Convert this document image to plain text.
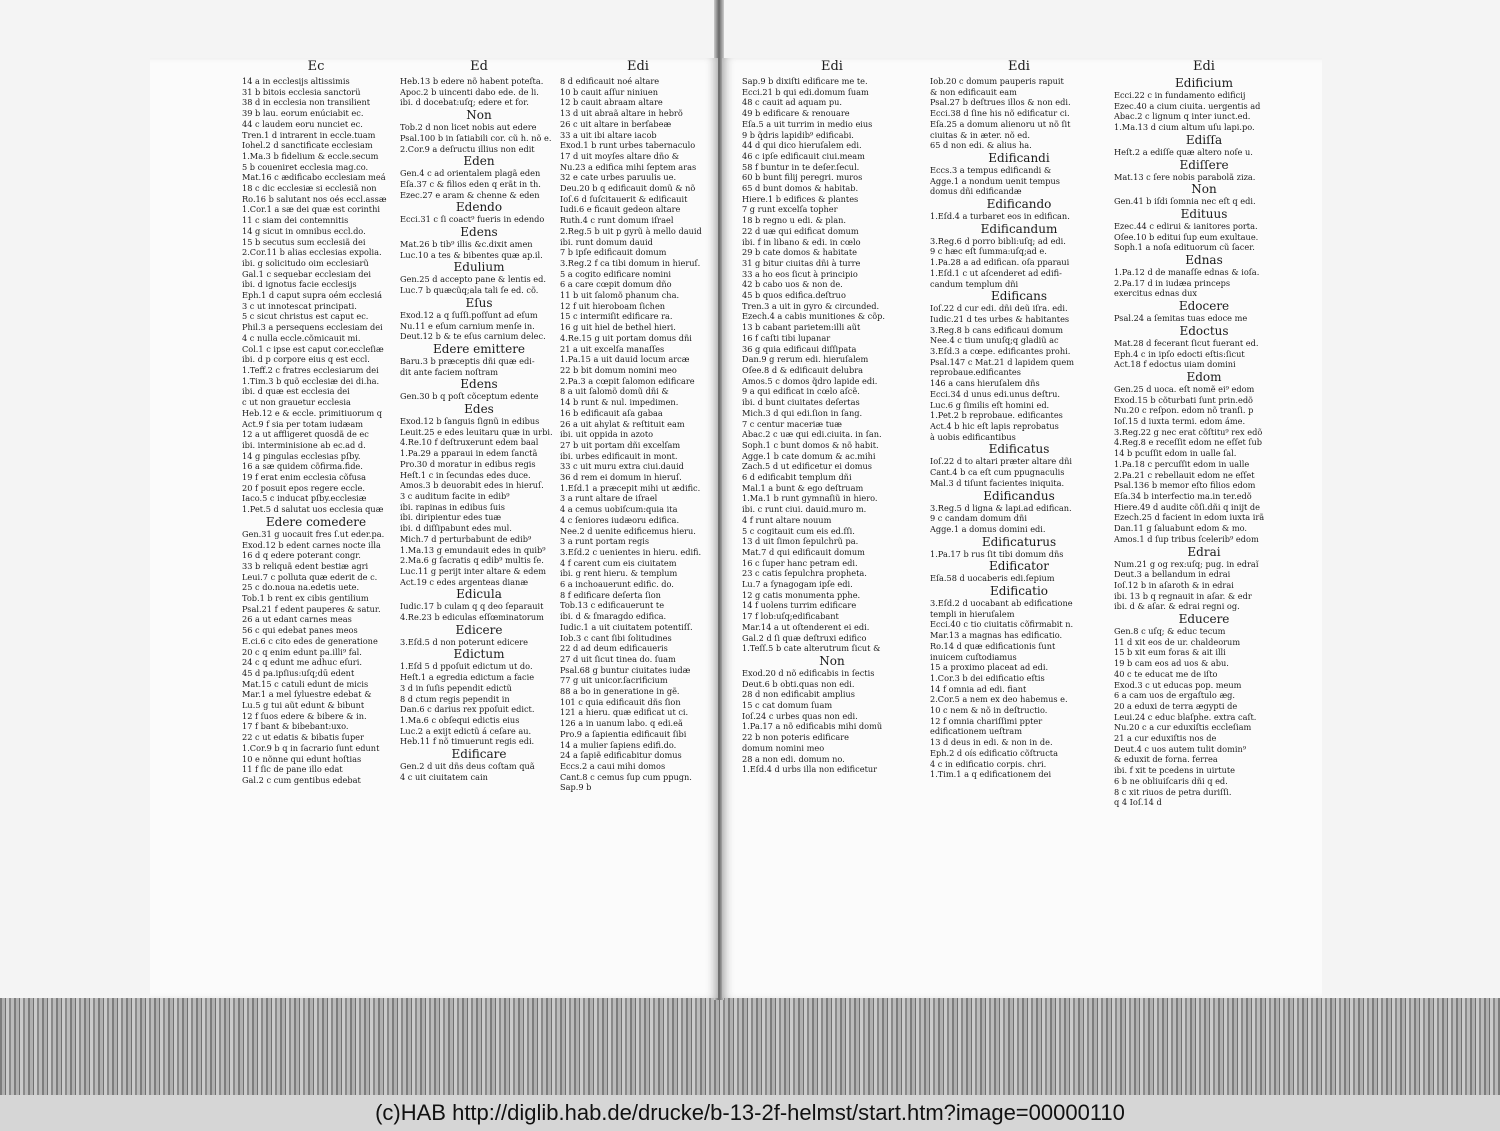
Ec
14 a in ecclesijs altissimis
31 b bitois ecclesia sanctorü
38 d in ecclesia non transilient
39 b lau. eorum enúciabit ec.
44 c laudem eoru nunciet ec.
Tren.1 d intrarent in eccle.tuam
Iohel.2 d sanctificate ecclesiam
1.Ma.3 b fidelium & eccle.secum
5 b coueniret ecclesia mag.co.
Mat.16 c ædificabo ecclesiam meá
18 c dic ecclesiæ si ecclesiã non
Ro.16 b salutant nos oés eccl.assæ
1.Cor.1 a sæ dei quæ est corinthi
11 c siam dei contemnitis
14 g sicut in omnibus eccl.do.
15 b secutus sum ecclesiã dei
2.Cor.11 b alias ecclesias expolia.
ibi. g solicitudo oim ecclesiarũ
Gal.1 c sequebar ecclesiam dei
ibi. d ignotus facie ecclesijs
Eph.1 d caput supra oém ecclesiá
3 c ut innotescat principati.
5 c sicut christus est caput ec.
Phil.3 a persequens ecclesiam dei
4 c nulla eccle.cõmicauit mi.
Col.1 c ipse est caput cor.eccleſiæ
ibi. d p corpore eius q est eccl.
1.Teff.2 c fratres ecclesiarum dei
1.Tim.3 b quõ ecclesiæ dei di.ha.
ibi. d quæ est ecclesia dei
c ut non grauetur ecclesia
Heb.12 e & eccle. primitiuorum q
Act.9 f sia per totam iudæam
12 a ut affligeret quosdã de ec
ibi. interminisione ab ec.ad d.
14 g pingulas ecclesias pſby.
16 a sæ quidem cõfirma.fide.
19 f erat enim ecclesia cõfusa
20 f posuit epos regere eccle.
Iaco.5 c inducat pſby.ecclesiæ
1.Pet.5 d salutat uos ecclesia quæ

Edere comedere
Gen.31 g uocauit fres ſ.ut eder.pa.
Exod.12 b edent carnes nocte illa
16 d q edere poterant congr.
33 b reliquã edent bestiæ agri
Leui.7 c polluta quæ ederit de c.
25 c do.noua na.edetis uete.
Tob.1 b rent ex cibis gentilium
Psal.21 f edent pauperes & satur.
26 a ut edant carnes meas
56 c qui edebat panes meos
E.ci.6 c cito edes de generatione
20 c q enim edunt pa.illi⁹ fal.
24 c q edunt me adhuc eſuri.
45 d pa.ipſius:uſq;dū edent
Mat.15 c catuli edunt de micis
Mar.1 a mel ſyluestre edebat &
Lu.5 g tui aũt edunt & bibunt
12 f ſuos edere & bibere & in.
17 f bant & bibebant:uxo.
22 c ut edatis & bibatis ſuper
1.Cor.9 b q in ſacrario ſunt edunt
10 e nõnne qui edunt hoſtias
11 f ſic de pane illo edat
Gal.2 c cum gentibus edebat
Ed
Heb.13 b edere nõ habent poteſta.
Apoc.2 b uincenti dabo ede. de li.
ibi. d docebat:uſq; edere et for.
Non
Tob.2 d non licet nobis aut edere
Psal.100 b in ſatiabili cor. cũ h. nõ e.
2.Cor.9 a deſructu illius non edit
Eden
Gen.4 c ad orientalem plagã eden
Eſa.37 c & filios eden q erãt in th.
Ezec.27 e aram & chenne & eden
Edendo
Ecci.31 c ſi coact⁹ fueris in edendo
Edens
Mat.26 b tib⁹ illis &c.dixit amen
Luc.10 a tes & bibentes quæ ap.il.
Edulium
Gen.25 d accepto pane & lentis ed.
Luc.7 b quæcũq;ala tali ſe ed. cõ.
Eſus
Exod.12 a q ſuſſi.poſſunt ad eſum
Nu.11 e eſum carnium menſe in.
Deut.12 b & te eſus carnium delec.
Edere emittere
Baru.3 b præceptis dñi quæ edi-
dit ante faciem noſtram
Edens
Gen.30 b q poſt cõceptum edente
Edes
Exod.12 b ſanguis ſignũ in edibus
Leuit.25 e edes leuitaru quæ in urbi.
4.Re.10 f deſtruxerunt edem baal
1.Pa.29 a pparaui in edem ſanctã
Pro.30 d moratur in edibus regis
Heſt.1 c in ſecundas edes duce.
Amos.3 b deuorabit edes in hieruſ.
3 c auditum facite in edib⁹
ibi. rapinas in edibus ſuis
ibi. diripientur edes tuæ
ibi. d diſſipabunt edes mul.
Mich.7 d perturbabunt de edib⁹
1.Ma.13 g emundauit edes in quib⁹
2.Ma.6 g ſacratis q edib⁹ multis ſe.
Luc.11 g perijt inter altare & edem
Act.19 c edes argenteas dianæ
Edicula
Iudic.17 b culam q q deo ſeparauit
4.Re.23 b ediculas eſſœminatorum
Edicere
3.Eſd.5 d non poterunt edicere
Edictum
1.Eſd 5 d ppoſuit edictum ut do.
Heſt.1 a egredia edictum a facie
3 d in ſuſis pependit edictũ
8 d ctum regis pependit in
Dan.6 c darius rex ppoſuit edict.
1.Ma.6 c obſequi edictis eius
Luc.2 a exijt edictũ á ceſare au.
Heb.11 f nõ timuerunt regis edi.
Edificare
Gen.2 d uit dñs deus coſtam quã
4 c uit ciuitatem cain
Edi
8 d edificauit noé altare
10 b cauit aſſur niniuen
12 b cauit abraam altare
13 d uit abraã altare in hebrõ
26 c uit altare in berſabeæ
33 a uit ibi altare iacob
Exod.1 b runt urbes tabernaculo
17 d uit moyſes altare dño &
Nu.23 a edifica mihi ſeptem aras
32 e cate urbes paruulis ue.
Deu.20 b q edificauit domũ & nõ
Ioſ.6 d ſuſcitauerit & edificauit
Iudi.6 e ficauit gedeon altare
Ruth.4 c runt domum iſrael
2.Reg.5 b uit p gyrũ à mello dauid
ibi. runt domum dauid
7 b ipſe edificauit domum
3.Reg.2 f ca tibi domum in hieruſ.
5 a cogito edificare nomini
6 a care cœpit domum dño
11 b uit ſalomõ phanum cha.
12 f uit hieroboam ſichen
15 c intermiſit edificare ra.
16 g uit hiel de bethel hieri.
4.Re.15 g uit portam domus dñi
21 a uit excelſa manaſſes
1.Pa.15 a uit dauid locum arcæ
22 b bit domum nomini meo
2.Pa.3 a cœpit ſalomon edificare
8 a uit ſalomõ domũ dñi &
14 b runt & nul. impedimen.
16 b edificauit aſa gabaa
26 a uit ahylat & reſtituit eam
ibi. uit oppida in azoto
27 b uit portam dñi excelſam
ibi. urbes edificauit in mont.
33 c uit muru extra ciui.dauid
36 d rem ei domum in hieruſ.
1.Eſd.1 a præcepit mihi ut ædific.
3 a runt altare de iſrael
4 a cemus uobiſcum:quia ita
4 c ſeniores iudæoru edifica.
Nee.2 d uenite edificemus hieru.
3 a runt portam regis
3.Eſd.2 c uenientes in hieru. edifi.
4 f carent cum eis ciuitatem
ibi. g rent hieru. & templum
6 a inchoauerunt edific. do.
8 f edificare deſerta ſion
Tob.13 c edificauerunt te
ibi. d & ſmaragdo edifica.
Iudic.1 a uit ciuitatem potentiſſ.
Iob.3 c cant ſibi ſolitudines
22 d ad deum edificaueris
27 d uit ſicut tinea do. ſuam
Psal.68 g buntur ciuitates iudæ
77 g uit unicor.ſacrificium
88 a bo in generatione in gẽ.
101 c quia edificauit dñs ſion
121 a hieru. quæ edificat ut ci.
126 a in uanum labo. q edi.eã
Pro.9 a ſapientia edificauit ſibi
14 a mulier ſapiens edifi.do.
24 a ſapiẽ edificabitur domus
Eccs.2 a caui mihi domos
Cant.8 c cemus ſup cum ppugn.
Sap.9 b
Edi
Sap.9 b dixiſti edificare me te.
Ecci.21 b qui edi.domum ſuam
48 c cauit ad aquam pu.
49 b edificare & renouare
Eſa.5 a uit turrim in medio eius
9 b q̃dris lapidib⁹ edificabi.
44 d qui dico hieruſalem edi.
46 c ipſe edificauit ciui.meam
58 f buntur in te deſer.ſecul.
60 b bunt filij peregri. muros
65 d bunt domos & habitab.
Hiere.1 b edifices & plantes
7 g runt excelſa topher
18 b regno u edi. & plan.
22 d uæ qui edificat domum
ibi. f in libano & edi. in cœlo
29 b cate domos & habitate
31 g bitur ciuitas dñi à turre
33 a ho eos ſicut à principio
42 b cabo uos & non de.
45 b quos edifica.deſtruo
Tren.3 a uit in gyro & circunded.
Ezech.4 a cabis munitiones & cõp.
13 b cabant parietem:illi aũt
16 f caſti tibi lupanar
36 g quia edificaui diſſipata
Dan.9 g rerum edi. hieruſalem
Oſee.8 d & edificauit delubra
Amos.5 c domos q̃dro lapide edi.
9 a qui edificat in cœlo aſcẽ.
ibi. d bunt ciuitates deſertas
Mich.3 d qui edi.ſion in ſang.
7 c centur maceriæ tuæ
Abac.2 c uæ qui edi.ciuita. in ſan.
Soph.1 c bunt domos & nõ habit.
Agge.1 b cate domum & ac.mihi
Zach.5 d ut edificetur ei domus
6 d edificabit templum dñi
Mal.1 a bunt & ego deſtruam
1.Ma.1 b runt gymnaſiũ in hiero.
ibi. c runt ciui. dauid.muro m.
4 f runt altare nouum
5 c cogitauit cum eis ed.ſſi.
13 d uit ſimon ſepulchrũ pa.
Mat.7 d qui edificauit domum
16 c ſuper hanc petram edi.
23 c catis ſepulchra propheta.
Lu.7 a ſynagogam ipſe edi.
12 g catis monumenta pphe.
14 f uolens turrim edificare
17 f lob:uſq;edificabant
Mar.14 a ut oſtenderent ei edi.
Gal.2 d ſi quæ deſtruxi edifico
1.Teſſ.5 b cate alterutrum ſicut &
Non
Exod.20 d nõ edificabis in ſectis
Deut.6 b obti.quas non edi.
28 d non edificabit amplius
15 c cat domum ſuam
Ioſ.24 c urbes quas non edi.
1.Pa.17 a nõ edificabis mihi domũ
22 b non poteris edificare
domum nomini meo
28 a non edi. domum no.
1.Eſd.4 d urbs illa non edificetur
Edi
Iob.20 c domum pauperis rapuit
& non edificauit eam
Psal.27 b deſtrues illos & non edi.
Ecci.38 d ſine his nõ edificatur ci.
Eſa.25 a domum alienoru ut nõ ſit
ciuitas & in æter. nõ ed.
65 d non edi. & alius ha.
Edificandi
Eccs.3 a tempus edificandi &
Agge.1 a nondum uenit tempus
domus dñi edificandæ
Edificando
1.Eſd.4 a turbaret eos in edifican.
Edificandum
3.Reg.6 d porro bibli:uſq; ad edi.
9 c hæc eſt ſumma:uſq;ad e.
1.Pa.28 a ad edifican. oſa pparaui
1.Eſd.1 c ut aſcenderet ad edifi-
candum templum dñi
Edificans
Ioſ.22 d cur edi. dñi deũ iſra. edi.
Iudic.21 d tes urbes & habitantes
3.Reg.8 b cans edificaui domum
Nee.4 c tium unuſq;q gladiũ ac
3.Eſd.3 a cœpe. edificantes prohi.
Psal.147 c Mat.21 d lapidem quem
reprobaue.edificantes
146 a cans hieruſalem dñs
Ecci.34 d unus edi.unus deſtru.
Luc.6 g ſimilis eſt homini ed.
1.Pet.2 b reprobaue. edificantes
Act.4 b hic eſt lapis reprobatus
à uobis edificantibus
Edificatus
Ioſ.22 d to altari præter altare dñi
Cant.4 b ca eſt cum ppugnaculis
Mal.3 d tiſunt facientes iniquita.
Edificandus
3.Reg.5 d ligna & lapi.ad edifican.
9 c candam domum dñi
Agge.1 a domus domini edi.
Edificaturus
1.Pa.17 b rus ſit tibi domum dñs
Edificator
Eſa.58 d uocaberis edi.ſepium
Edificatio
3.Eſd.2 d uocabant ab edificatione
templi in hieruſalem
Ecci.40 c tio ciuitatis cõfirmabit n.
Mar.13 a magnas has edificatio.
Ro.14 d quæ edificationis ſunt
inuicem cuſtodiamus
15 a proximo placeat ad edi.
1.Cor.3 b dei edificatio eſtis
14 f omnia ad edi. fiant
2.Cor.5 a nem ex deo habemus e.
10 c nem & nõ in deſtructio.
12 f omnia chariſſimi ppter
edificationem ueſtram
13 d deus in edi. & non in de.
Eph.2 d oís edificatio cõſtructa
4 c in edificatio corpis. chri.
1.Tim.1 a q edificationem dei
Edi
Edificium
Ecci.22 c in fundamento edificij
Ezec.40 a cium ciuita. uergentis ad
Abac.2 c lignum q inter iunct.ed.
1.Ma.13 d cium altum uſu lapi.po.
Ediſſa
Heſt.2 a ediſſe quæ altero noſe u.
Ediſſere
Mat.13 c ſere nobis parabolã ziza.
Non
Gen.41 b iſdi ſomnia nec eſt q edi.
Edituus
Ezec.44 c edirui & ianitores porta.
Oſee.10 b editui ſup eum exultaue.
Soph.1 a noſa edituorum cũ ſacer.
Ednas
1.Pa.12 d de manaſſe ednas & ioſa.
2.Pa.17 d in iudæa princeps
exercitus ednas dux
Edocere
Psal.24 a ſemitas tuas edoce me
Edoctus
Mat.28 d fecerant ſicut fuerant ed.
Eph.4 c in ipſo edocti eſtis:ſicut
Act.18 f edoctus uiam domini
Edom
Gen.25 d uoca. eſt nomẽ ei⁹ edom
Exod.15 b cõturbati ſunt prin.edõ
Nu.20 c reſpon. edom nõ tranſi. p
Ioſ.15 d iuxta termi. edom áme.
3.Reg.22 g nec erat cõſtitu⁹ rex edõ
4.Reg.8 e receſſit edom ne eſſet ſub
14 b pcuſſit edom in ualle ſal.
1.Pa.18 c percuſſit edom in ualle
2.Pa.21 c rebellauit edom ne eſſet
Psal.136 b memor eſto filios edom
Eſa.34 b interfectio ma.in ter.edõ
Hiere.49 d audite cõſi.dñi q inijt de
Ezech.25 d facient in edom iuxta irã
Dan.11 g ſaluabunt edom & mo.
Amos.1 d ſup tribus ſcelerib⁹ edom
Edrai
Num.21 g og rex:uſq; pug. in edraĩ
Deut.3 a bellandum in edrai
Ioſ.12 b in aſaroth & in edrai
ibi. 13 b q regnauit in aſar. & edr
ibi. d & aſar. & edrai regni og.
Educere
Gen.8 c uſq; & educ tecum
11 d xit eos de ur. chaldeorum
15 b xit eum foras & ait illi
19 b cam eos ad uos & abu.
40 c te educat me de iſto
Exod.3 c ut educas pop. meum
6 a cam uos de ergaſtulo æg.
20 a eduxi de terra ægypti de
Leui.24 c educ blaſphe. extra caſt.
Nu.20 c a cur eduxiſtis eccleſiam
21 a cur eduxiſtis nos de
Deut.4 c uos autem tulit domin⁹
& eduxit de forna. ferrea
ibi. f xit te pcedens in uirtute
6 b ne obliuiſcaris dñi q ed.
8 c xit riuos de petra duriſſi.
q 4 Ioſ.14 d
(c)HAB http://diglib.hab.de/drucke/b-13-2f-helmst/start.htm?image=00000110
